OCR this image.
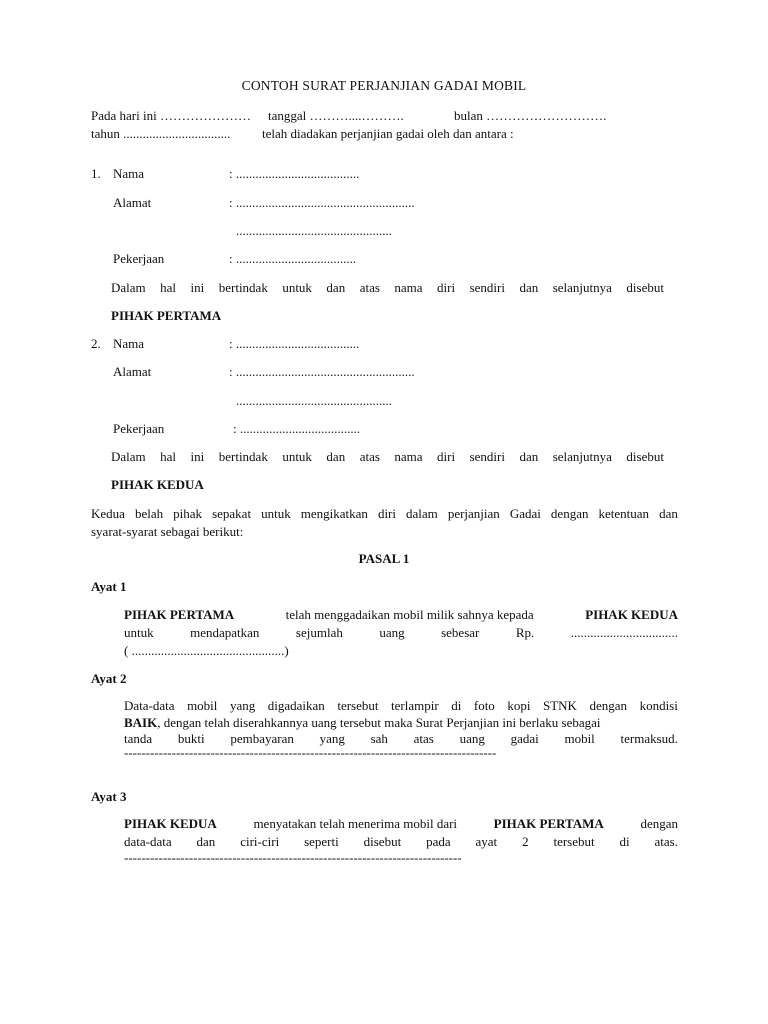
CONTOH SURAT PERJANJIAN GADAI MOBIL
Pada hari ini ………………… tanggal ………....……….	bulan ……………………….
tahun ................................. telah diadakan perjanjian gadai oleh dan antara :
1. Nama	: ......................................
Alamat	: .......................................................
................................................
Pekerjaan	: .....................................
Dalam hal ini bertindak untuk dan atas nama diri sendiri dan selanjutnya disebut
PIHAK PERTAMA
2. Nama	: ......................................
Alamat	: .......................................................
................................................
Pekerjaan	: .....................................
Dalam hal ini bertindak untuk dan atas nama diri sendiri dan selanjutnya disebut
PIHAK KEDUA
Kedua belah pihak sepakat untuk mengikatkan diri dalam perjanjian Gadai dengan ketentuan dan
syarat-syarat sebagai berikut:
PASAL 1
Ayat 1
PIHAK PERTAMA	telah menggadaikan mobil milik sahnya kepada	PIHAK KEDUA
untuk	mendapatkan	sejumlah	uang	sebesar	Rp.	.................................
( ...............................................)
Ayat 2
Data-data mobil yang digadaikan tersebut terlampir di foto kopi STNK dengan kondisi
BAIK, dengan telah diserahkannya uang tersebut maka Surat Perjanjian ini berlaku sebagai
tanda bukti pembayaran yang sah atas uang gadai mobil termaksud.
--------------------------------------------------------------------------------------
Ayat 3
PIHAK KEDUA	menyatakan telah menerima mobil dari	PIHAK PERTAMA	dengan
data-data dan ciri-ciri seperti disebut pada ayat 2 tersebut di atas.
------------------------------------------------------------------------------
